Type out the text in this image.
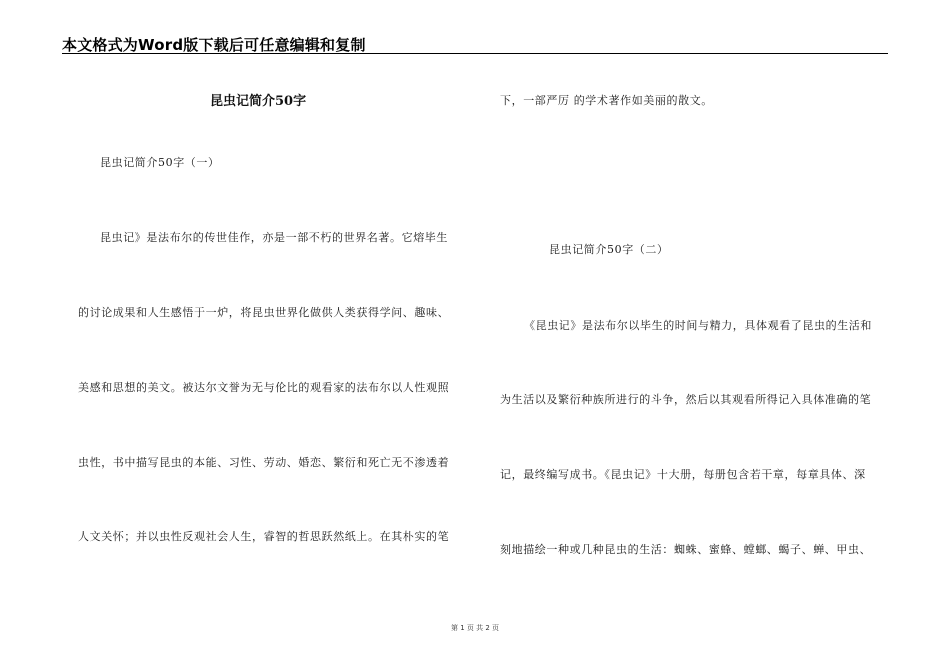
本文格式为Word版下载后可任意编辑和复制
昆虫记简介50字
昆虫记简介50字（一）
昆虫记》是法布尔的传世佳作，亦是一部不朽的世界名著。它熔毕生
的讨论成果和人生感悟于一炉，将昆虫世界化做供人类获得学问、趣味、
美感和思想的美文。被达尔文誉为无与伦比的观看家的法布尔以人性观照
虫性，书中描写昆虫的本能、习性、劳动、婚恋、繁衍和死亡无不渗透着
人文关怀；并以虫性反观社会人生，睿智的哲思跃然纸上。在其朴实的笔
下，一部严厉 的学术著作如美丽的散文。
昆虫记简介50字（二）
《昆虫记》是法布尔以毕生的时间与精力，具体观看了昆虫的生活和
为生活以及繁衍种族所进行的斗争，然后以其观看所得记入具体准确的笔
记，最终编写成书。《昆虫记》十大册，每册包含若干章，每章具体、深
刻地描绘一种或几种昆虫的生活：蜘蛛、蜜蜂、螳螂、蝎子、蝉、甲虫、
第 1 页 共 2 页
